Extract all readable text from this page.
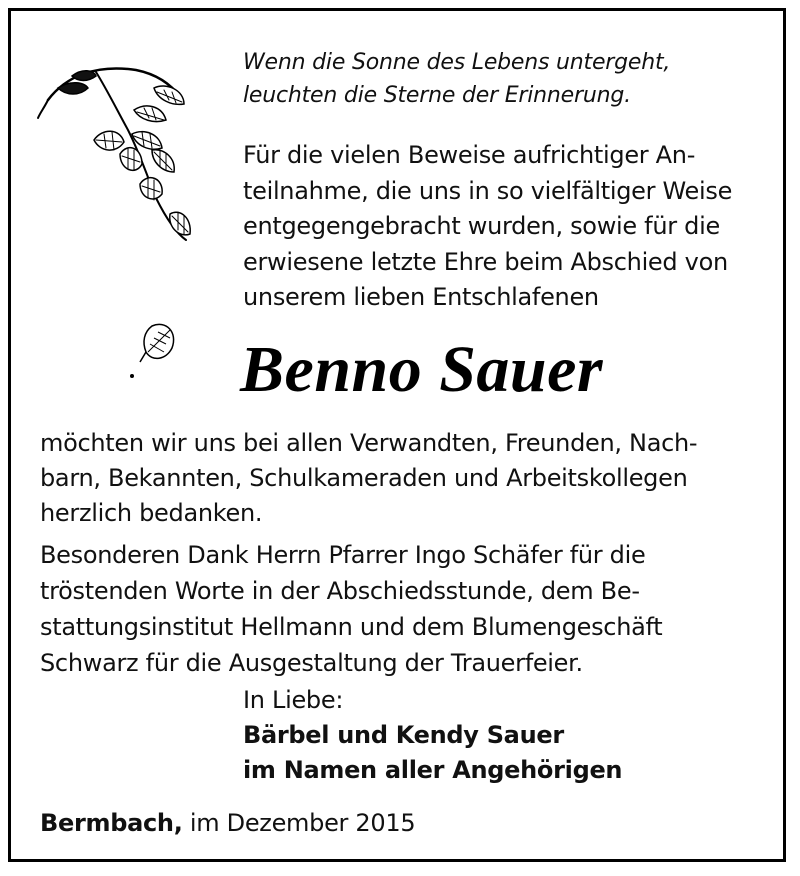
Wenn die Sonne des Lebens untergeht,
leuchten die Sterne der Erinnerung.
Für die vielen Beweise aufrichtiger An-
teilnahme, die uns in so vielfältiger Weise
entgegengebracht wurden, sowie für die
erwiesene letzte Ehre beim Abschied von
unserem lieben Entschlafenen
Benno Sauer
möchten wir uns bei allen Verwandten, Freunden, Nach-
barn, Bekannten, Schulkameraden und Arbeitskollegen
herzlich bedanken.
Besonderen Dank Herrn Pfarrer Ingo Schäfer für die
tröstenden Worte in der Abschiedsstunde, dem Be-
stattungsinstitut Hellmann und dem Blumengeschäft
Schwarz für die Ausgestaltung der Trauerfeier.
In Liebe:
Bärbel und Kendy Sauer
im Namen aller Angehörigen
Bermbach, im Dezember 2015
